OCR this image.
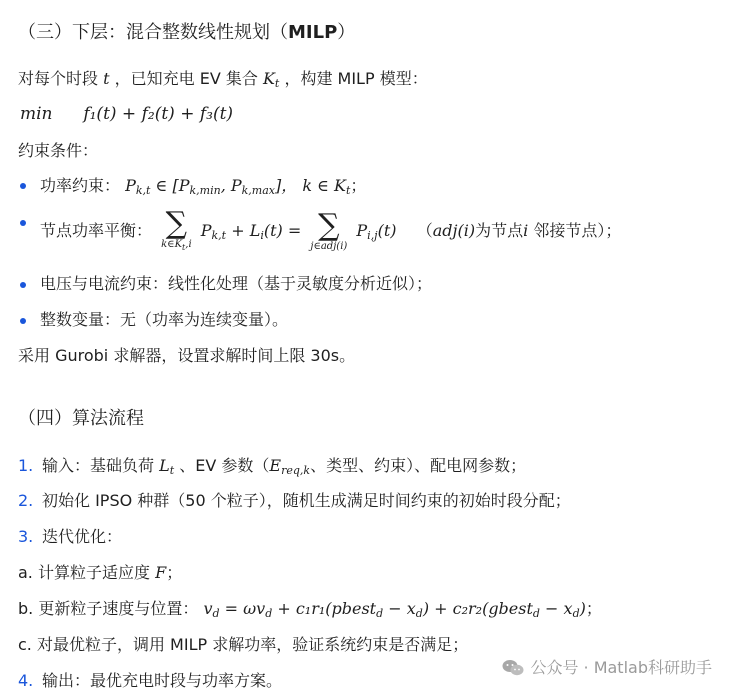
（三）下层：混合整数线性规划（MILP）
对每个时段 t ，已知充电 EV 集合 $K_t$ ，构建 MILP 模型：
min f₁(t) + f₂(t) + f₃(t)
约束条件：
功率约束： $P_{k,t}$ ∈ [$P_{k,min}$, $P_{k,max}$]， k ∈ $K_t$；
节点功率平衡： ∑
$k\in K_t,i$
$P_{k,t} + L_i(t)$ = ∑
j∈adj(i)
$P_{i,j}(t)$ （adj(i)为节点i 邻接节点）；
电压与电流约束：线性化处理（基于灵敏度分析近似）；
整数变量：无（功率为连续变量）。
采用 Gurobi 求解器，设置求解时间上限 30s。
（四）算法流程
1. 输入：基础负荷 $L_t$ 、EV 参数（$E_{req,k}$、类型、约束）、配电网参数；
2. 初始化 IPSO 种群（50 个粒子），随机生成满足时间约束的初始时段分配；
3. 迭代优化：
a. 计算粒子适应度 F；
b. 更新粒子速度与位置： $v_d = \omega v_d$ + c₁r₁(pbest$_d$ − $x_d$) + c₂r₂(gbest$_d$ − $x_d$)；
c. 对最优粒子，调用 MILP 求解功率，验证系统约束是否满足；
4. 输出：最优充电时段与功率方案。
公众号 · Matlab科研助手
